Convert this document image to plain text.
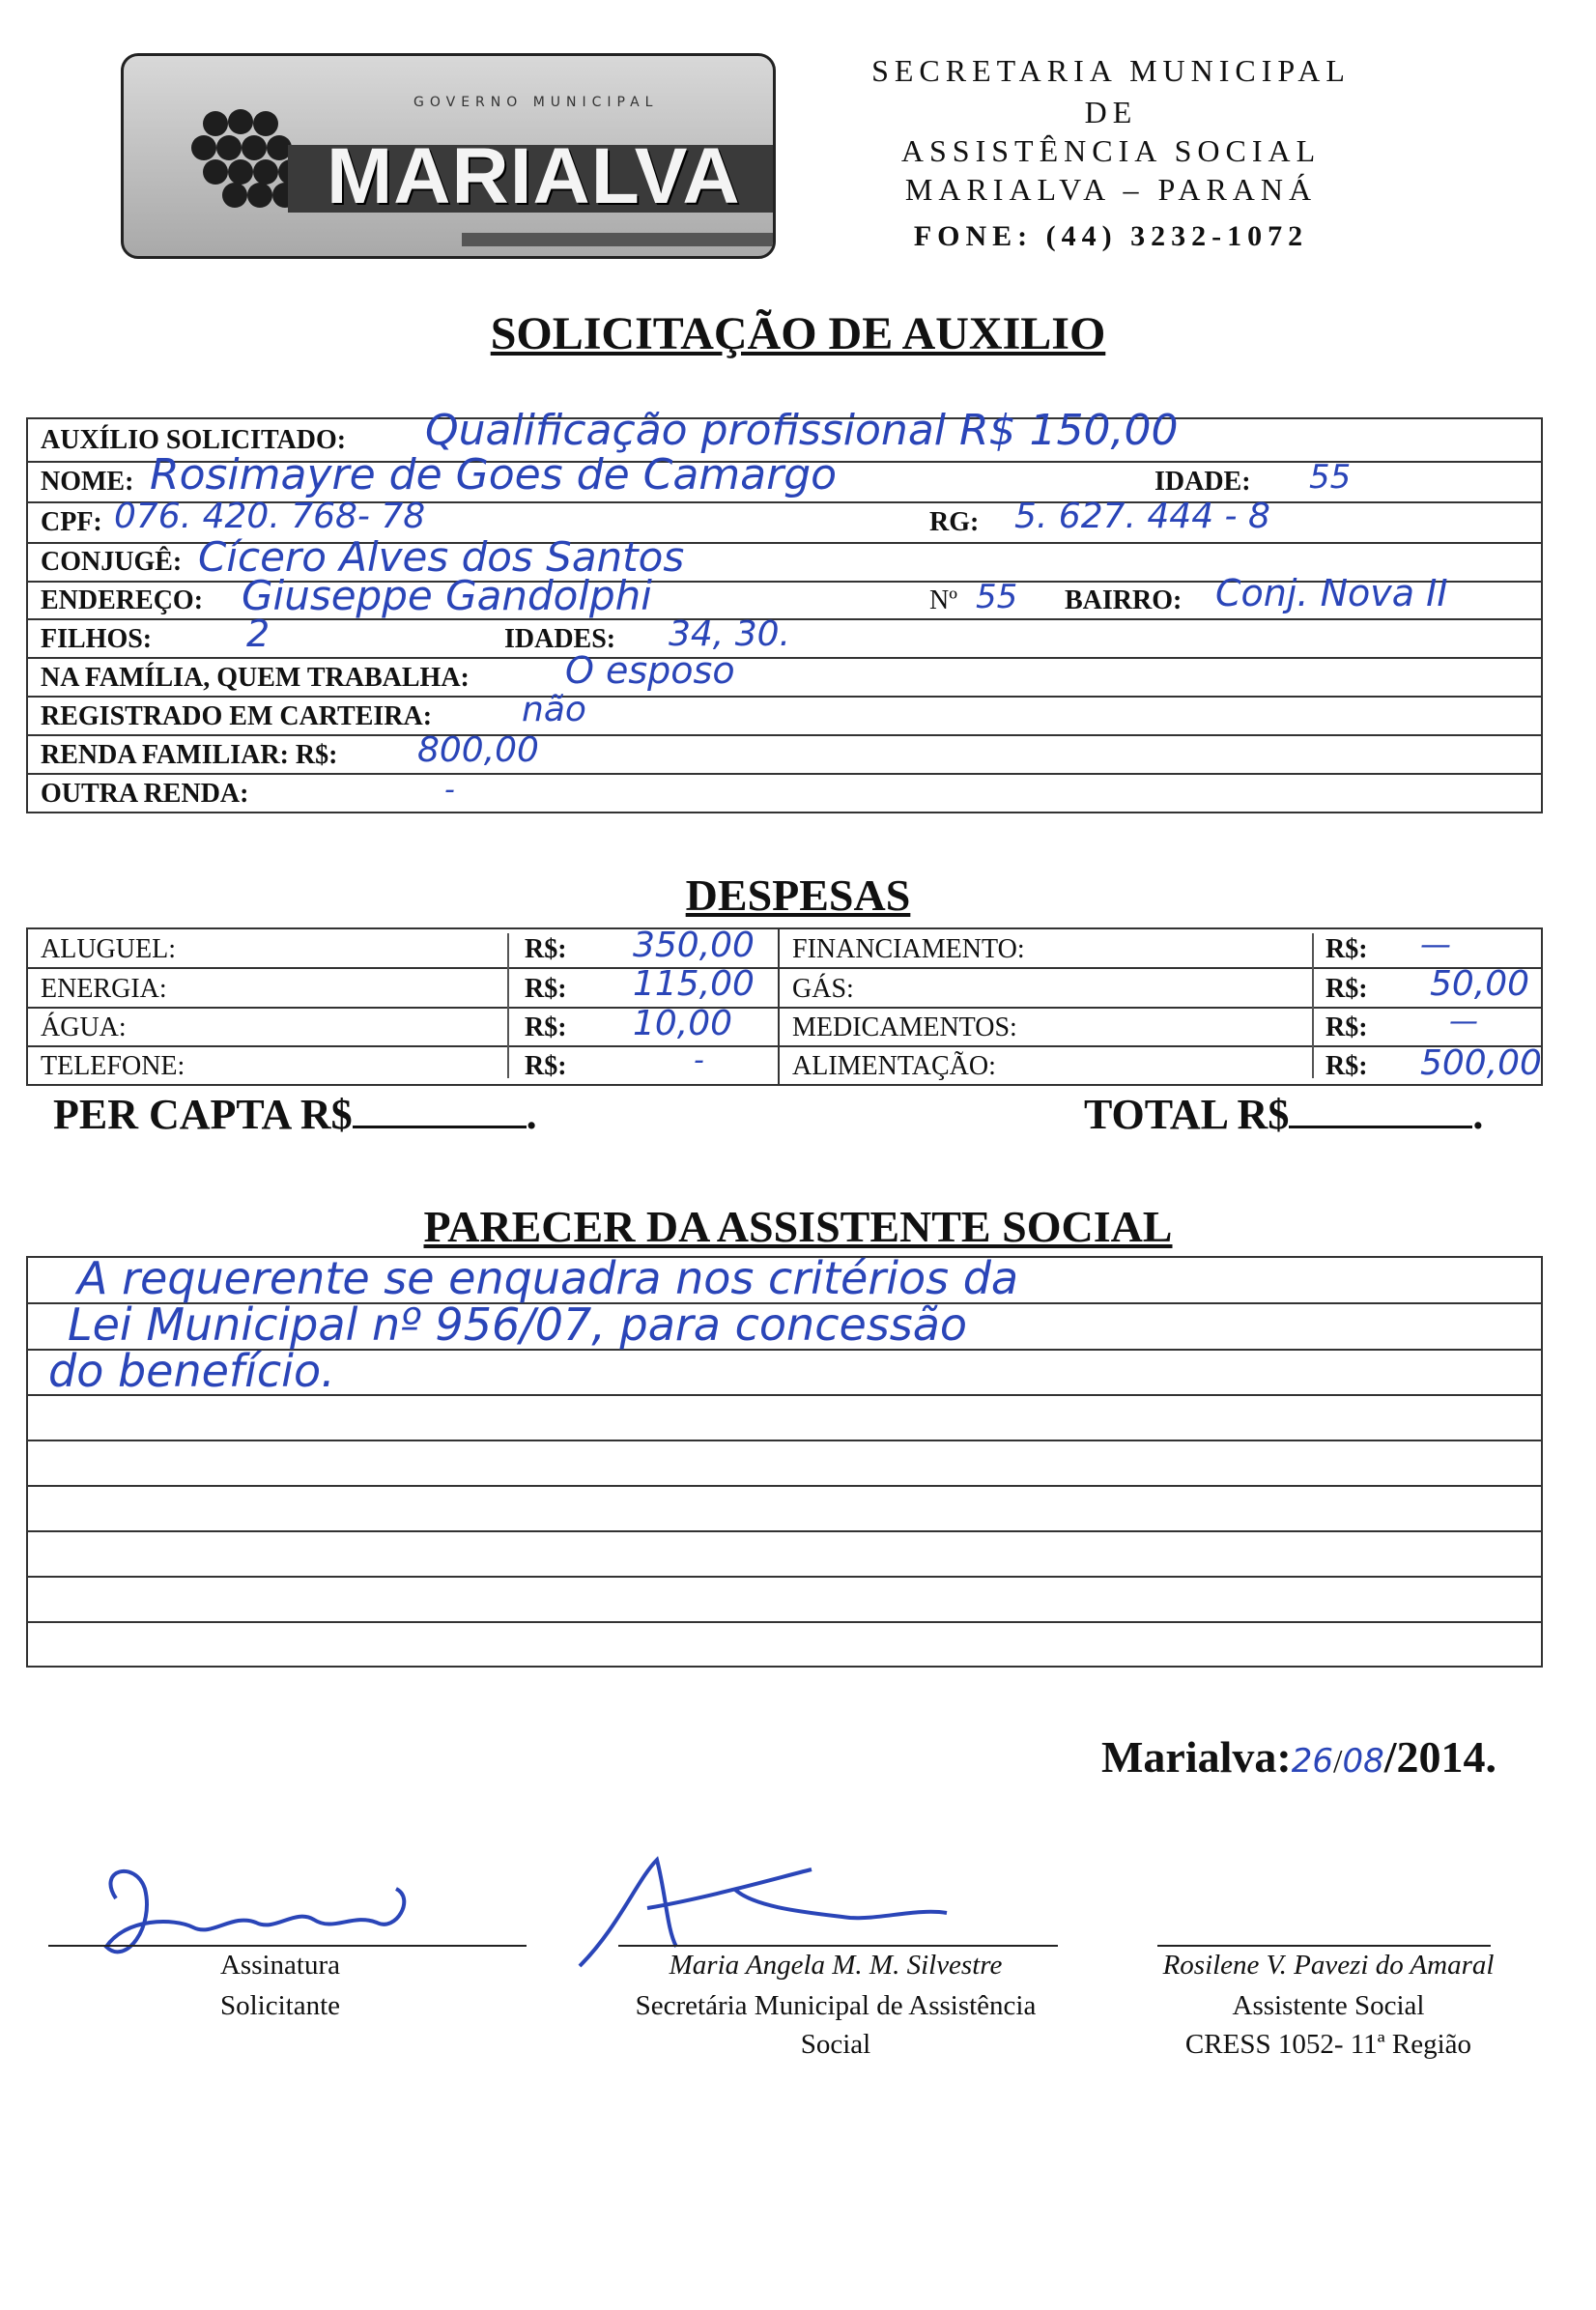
GOVERNO MUNICIPAL
MARIALVA
SECRETARIA MUNICIPAL
DE
ASSISTÊNCIA SOCIAL
MARIALVA – PARANÁ
FONE: (44) 3232-1072
SOLICITAÇÃO DE AUXILIO
AUXÍLIO SOLICITADO: Qualificação profissional R$ 150,00
NOME: Rosimayre de Goes de Camargo	IDADE: 55
CPF: 076. 420. 768- 78	RG: 5. 627. 444 - 8
CONJUGÊ: Cícero Alves dos Santos
ENDEREÇO: Giuseppe Gandolphi	Nº 55 BAIRRO: Conj. Nova II
FILHOS:	2	IDADES: 34, 30.
NA FAMÍLIA, QUEM TRABALHA:	O esposo
REGISTRADO EM CARTEIRA:	não
RENDA FAMILIAR: R$: 800,00
OUTRA RENDA:	-
DESPESAS
ALUGUEL:	R$: 350,00 FINANCIAMENTO:	R$: —
ENERGIA:	R$: 115,00 GÁS:	R$: 50,00
ÁGUA:	R$: 10,00 MEDICAMENTOS:	R$:	—
TELEFONE:	R$:	-	ALIMENTAÇÃO:	R$: 500,00
PER CAPTA R$	.	TOTAL R$	.
PARECER DA ASSISTENTE SOCIAL
A requerente se enquadra nos critérios da
Lei Municipal nº 956/07, para concessão
do benefício.
Marialva:26/08/2014.
Assinatura
Solicitante
Maria Angela M. M. Silvestre
Secretária Municipal de Assistência
Social
Rosilene V. Pavezi do Amaral
Assistente Social
CRESS 1052- 11ª Região
